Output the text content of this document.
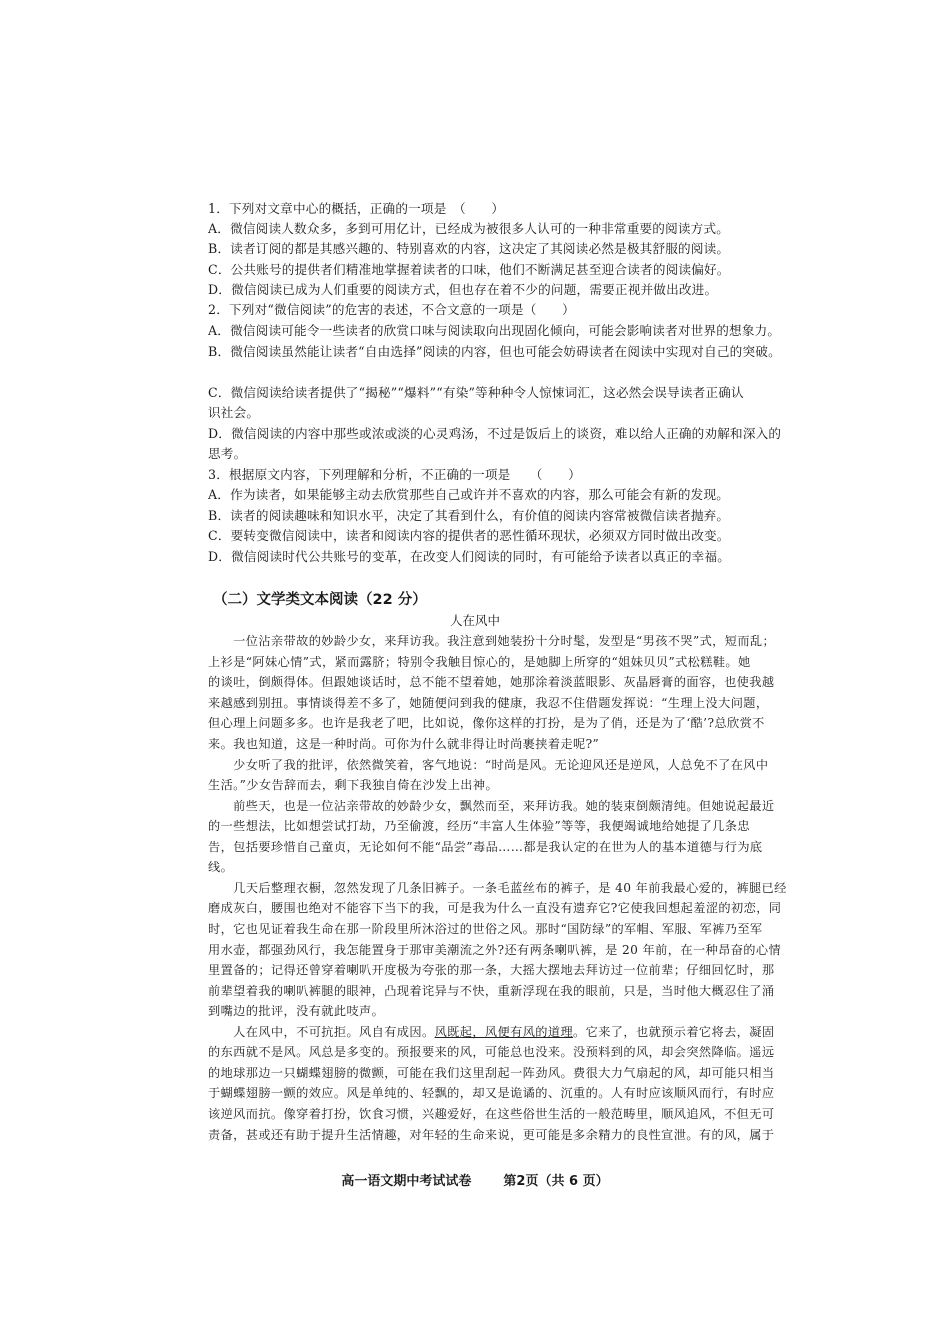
1．下列对文章中心的概括，正确的一项是　（　　）
A．微信阅读人数众多，多到可用亿计，已经成为被很多人认可的一种非常重要的阅读方式。
B．读者订阅的都是其感兴趣的、特别喜欢的内容，这决定了其阅读必然是极其舒服的阅读。
C．公共账号的提供者们精准地掌握着读者的口味，他们不断满足甚至迎合读者的阅读偏好。
D．微信阅读已成为人们重要的阅读方式，但也存在着不少的问题，需要正视并做出改进。
2．下列对“微信阅读”的危害的表述，不合文意的一项是（　　）
A．微信阅读可能令一些读者的欣赏口味与阅读取向出现固化倾向，可能会影响读者对世界的想象力。
B．微信阅读虽然能让读者“自由选择”阅读的内容，但也可能会妨碍读者在阅读中实现对自己的突破。
C．微信阅读给读者提供了“揭秘”“爆料”“有染”等种种令人惊悚词汇，这必然会误导读者正确认
识社会。
D．微信阅读的内容中那些或浓或淡的心灵鸡汤，不过是饭后上的谈资，难以给人正确的劝解和深入的
思考。
3．根据原文内容，下列理解和分析，不正确的一项是　　（　　）
A．作为读者，如果能够主动去欣赏那些自己或许并不喜欢的内容，那么可能会有新的发现。
B．读者的阅读趣味和知识水平，决定了其看到什么，有价值的阅读内容常被微信读者抛弃。
C．要转变微信阅读中，读者和阅读内容的提供者的恶性循环现状，必须双方同时做出改变。
D．微信阅读时代公共账号的变革，在改变人们阅读的同时，有可能给予读者以真正的幸福。
（二）文学类文本阅读（22 分）
人在风中
　　一位沾亲带故的妙龄少女，来拜访我。我注意到她装扮十分时髦，发型是“男孩不哭”式，短而乱；
上衫是“阿妹心情”式，紧而露脐；特别令我触目惊心的，是她脚上所穿的“姐妹贝贝”式松糕鞋。她
的谈吐，倒颇得体。但跟她谈话时，总不能不望着她，她那涂着淡蓝眼影、灰晶唇膏的面容，也使我越
来越感到别扭。事情谈得差不多了，她随便问到我的健康，我忍不住借题发挥说：“生理上没大问题，
但心理上问题多多。也许是我老了吧，比如说，像你这样的打扮，是为了俏，还是为了‘酷’?总欣赏不
来。我也知道，这是一种时尚。可你为什么就非得让时尚裹挟着走呢?”
　　少女听了我的批评，依然微笑着，客气地说：“时尚是风。无论迎风还是逆风，人总免不了在风中
生活。”少女告辞而去，剩下我独自倚在沙发上出神。
　　前些天，也是一位沾亲带故的妙龄少女，飘然而至，来拜访我。她的装束倒颇清纯。但她说起最近
的一些想法，比如想尝试打劫，乃至偷渡，经历“丰富人生体验”等等，我便竭诚地给她提了几条忠
告，包括要珍惜自己童贞，无论如何不能“品尝”毒品……都是我认定的在世为人的基本道德与行为底
线。
　　几天后整理衣橱，忽然发现了几条旧裤子。一条毛蓝丝布的裤子，是 40 年前我最心爱的，裤腿已经
磨成灰白，腰围也绝对不能容下当下的我，可是我为什么一直没有遗弃它?它使我回想起羞涩的初恋，同
时，它也见证着我生命在那一阶段里所沐浴过的世俗之风。那时“国防绿”的军帽、军服、军裤乃至军
用水壶，都强劲风行，我怎能置身于那审美潮流之外?还有两条喇叭裤，是 20 年前，在一种昂奋的心情
里置备的；记得还曾穿着喇叭开度极为夸张的那一条，大摇大摆地去拜访过一位前辈；仔细回忆时，那
前辈望着我的喇叭裤腿的眼神，凸现着诧异与不快，重新浮现在我的眼前，只是，当时他大概忍住了涌
到嘴边的批评，没有就此吱声。
　　人在风中，不可抗拒。风自有成因。风既起，风便有风的道理。它来了，也就预示着它将去，凝固
的东西就不是风。风总是多变的。预报要来的风，可能总也没来。没预料到的风，却会突然降临。遥远
的地球那边一只蝴蝶翅膀的微颤，可能在我们这里刮起一阵劲风。费很大力气扇起的风，却可能只相当
于蝴蝶翅膀一颤的效应。风是单纯的、轻飘的，却又是诡谲的、沉重的。人有时应该顺风而行，有时应
该逆风而抗。像穿着打扮，饮食习惯，兴趣爱好，在这些俗世生活的一般范畴里，顺风追风，不但无可
责备，甚或还有助于提升生活情趣，对年轻的生命来说，更可能是多余精力的良性宣泄。有的风，属于
高一语文期中考试试卷 第2页（共 6 页）
